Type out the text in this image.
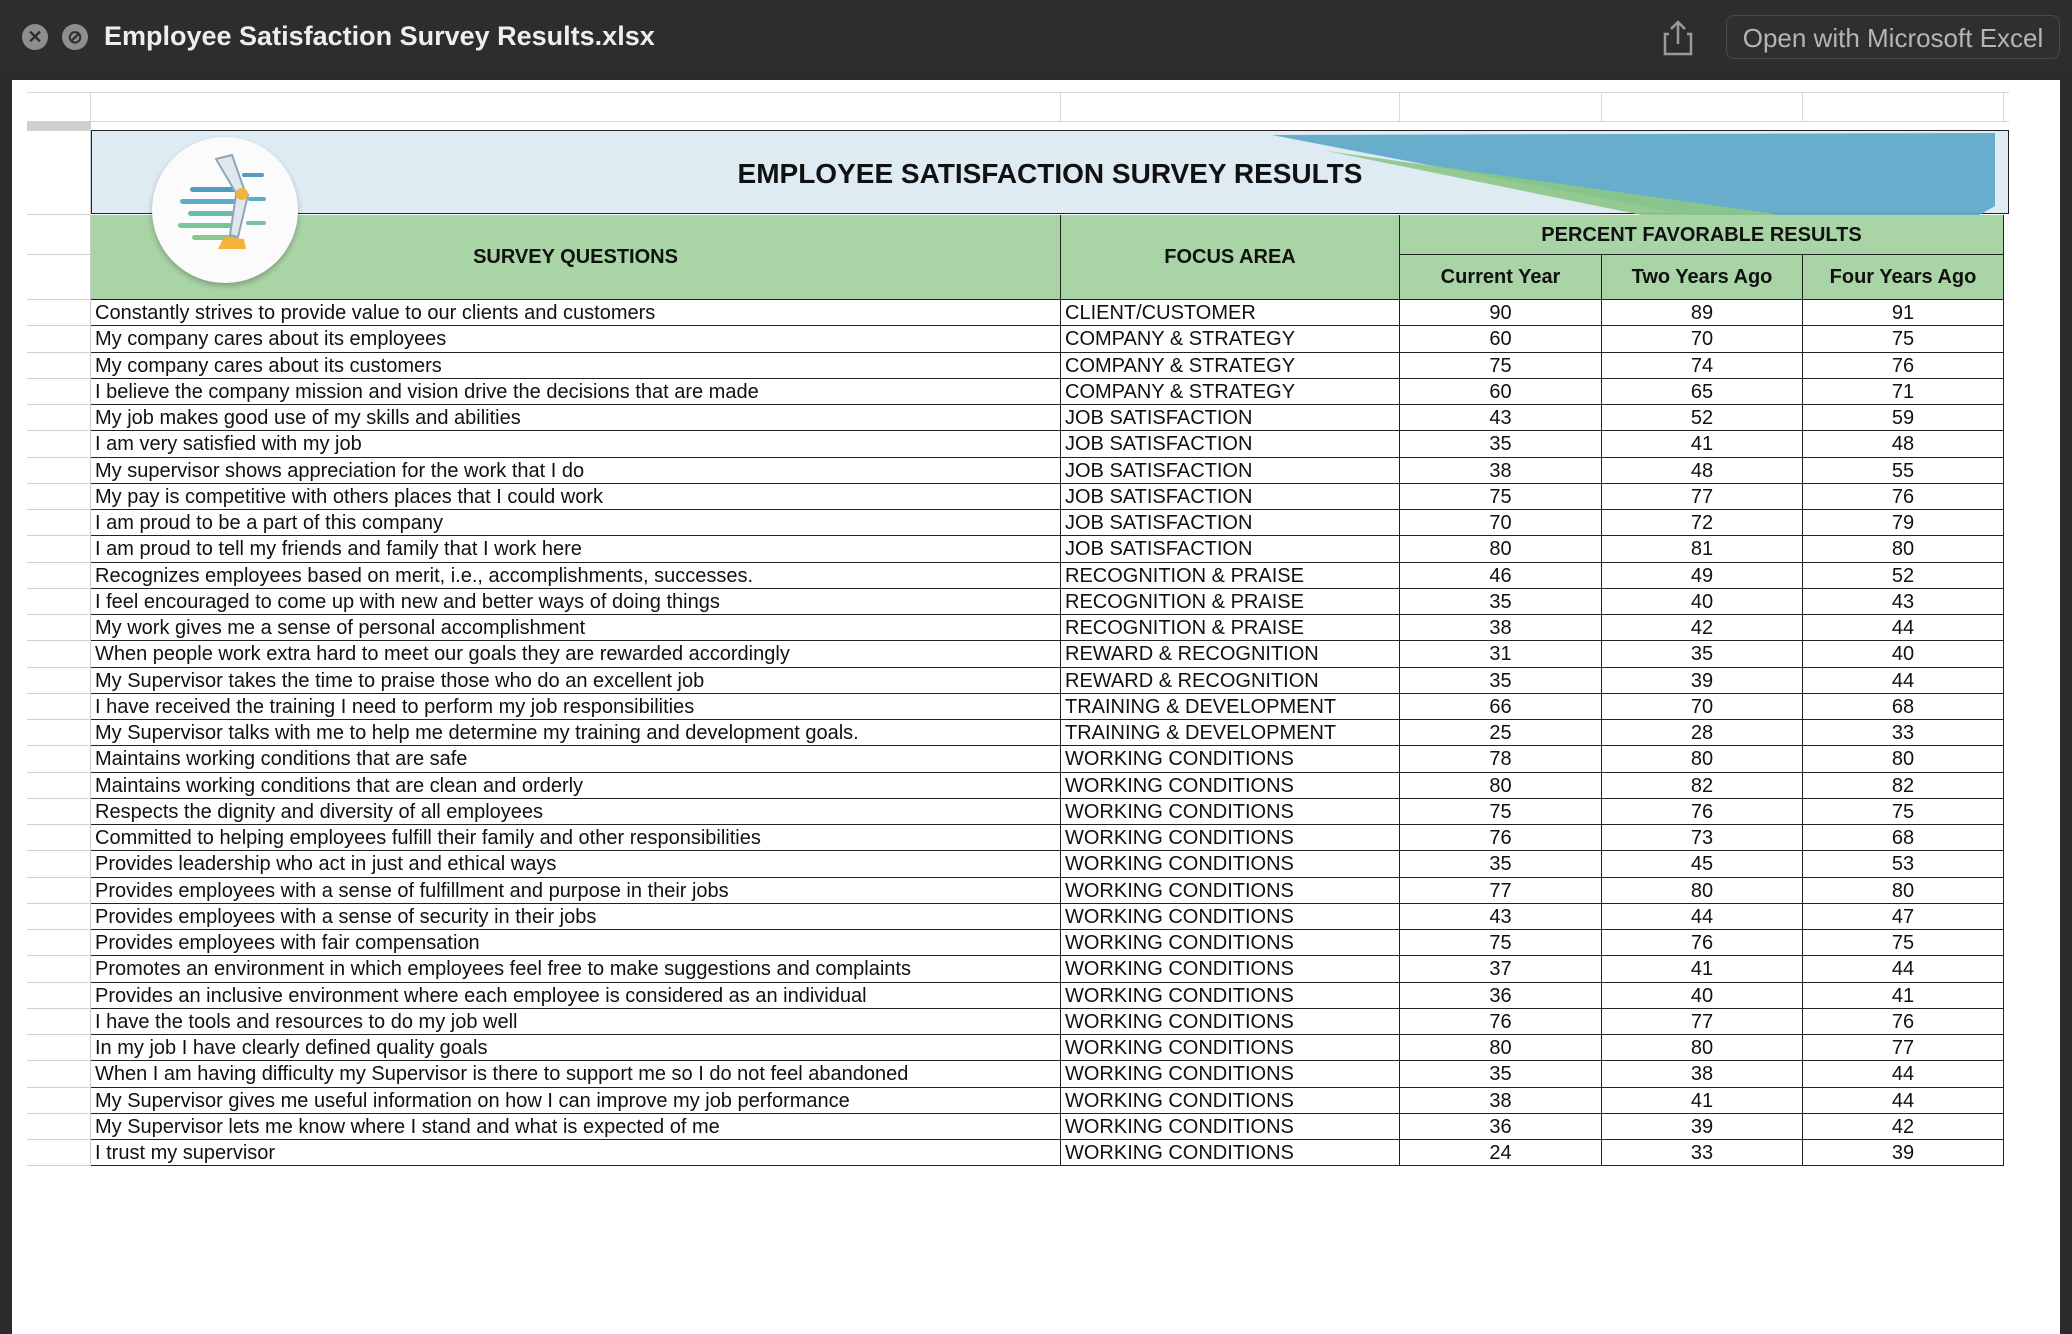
✕	⊘ Employee Satisfaction Survey Results.xlsx	Open with Microsoft Excel
EMPLOYEE SATISFACTION SURVEY RESULTS
SURVEY QUESTIONS	FOCUS AREA
PERCENT FAVORABLE RESULTS
Current Year	Two Years Ago	Four Years Ago
Constantly strives to provide value to our clients and customers	CLIENT/CUSTOMER	90	89	91
My company cares about its employees	COMPANY & STRATEGY	60	70	75
My company cares about its customers	COMPANY & STRATEGY	75	74	76
I believe the company mission and vision drive the decisions that are made	COMPANY & STRATEGY	60	65	71
My job makes good use of my skills and abilities	JOB SATISFACTION	43	52	59
I am very satisfied with my job	JOB SATISFACTION	35	41	48
My supervisor shows appreciation for the work that I do	JOB SATISFACTION	38	48	55
My pay is competitive with others places that I could work	JOB SATISFACTION	75	77	76
I am proud to be a part of this company	JOB SATISFACTION	70	72	79
I am proud to tell my friends and family that I work here	JOB SATISFACTION	80	81	80
Recognizes employees based on merit, i.e., accomplishments, successes.	RECOGNITION & PRAISE	46	49	52
I feel encouraged to come up with new and better ways of doing things	RECOGNITION & PRAISE	35	40	43
My work gives me a sense of personal accomplishment	RECOGNITION & PRAISE	38	42	44
When people work extra hard to meet our goals they are rewarded accordingly	REWARD & RECOGNITION	31	35	40
My Supervisor takes the time to praise those who do an excellent job	REWARD & RECOGNITION	35	39	44
I have received the training I need to perform my job responsibilities	TRAINING & DEVELOPMENT	66	70	68
My Supervisor talks with me to help me determine my training and development goals.	TRAINING & DEVELOPMENT	25	28	33
Maintains working conditions that are safe	WORKING CONDITIONS	78	80	80
Maintains working conditions that are clean and orderly	WORKING CONDITIONS	80	82	82
Respects the dignity and diversity of all employees	WORKING CONDITIONS	75	76	75
Committed to helping employees fulfill their family and other responsibilities	WORKING CONDITIONS	76	73	68
Provides leadership who act in just and ethical ways	WORKING CONDITIONS	35	45	53
Provides employees with a sense of fulfillment and purpose in their jobs	WORKING CONDITIONS	77	80	80
Provides employees with a sense of security in their jobs	WORKING CONDITIONS	43	44	47
Provides employees with fair compensation	WORKING CONDITIONS	75	76	75
Promotes an environment in which employees feel free to make suggestions and complaints	WORKING CONDITIONS	37	41	44
Provides an inclusive environment where each employee is considered as an individual	WORKING CONDITIONS	36	40	41
I have the tools and resources to do my job well	WORKING CONDITIONS	76	77	76
In my job I have clearly defined quality goals	WORKING CONDITIONS	80	80	77
When I am having difficulty my Supervisor is there to support me so I do not feel abandoned	WORKING CONDITIONS	35	38	44
My Supervisor gives me useful information on how I can improve my job performance	WORKING CONDITIONS	38	41	44
My Supervisor lets me know where I stand and what is expected of me	WORKING CONDITIONS	36	39	42
I trust my supervisor	WORKING CONDITIONS	24	33	39
